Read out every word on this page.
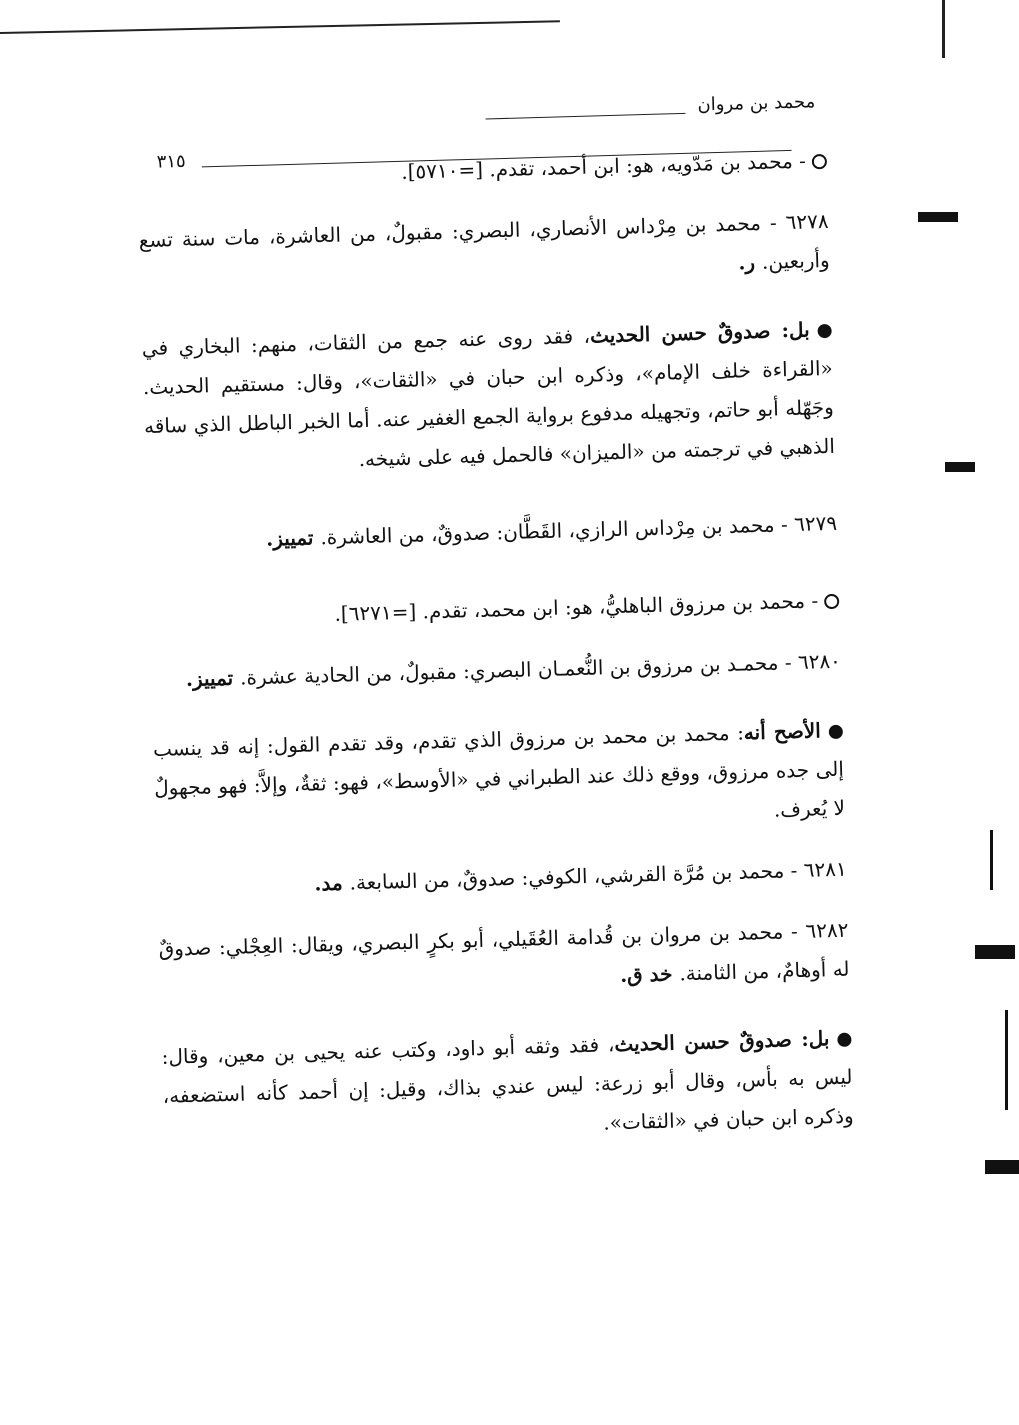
محمد بن مروان
٣١٥	- محمد بن مَدّويه، هو: ابن أحمد، تقدم. [=٥٧١٠].

٦٢٧٨ - محمد بن مِرْداس الأنصاري، البصري: مقبولٌ، من العاشرة، مات سنة تسع وأربعين. ر.

بل: صدوقٌ حسن الحديث، فقد روى عنه جمع من الثقات، منهم: البخاري في «القراءة خلف الإمام»، وذكره ابن حبان في «الثقات»، وقال: مستقيم الحديث. وجَهّله أبو حاتم، وتجهيله مدفوع برواية الجمع الغفير عنه. أما الخبر الباطل الذي ساقه الذهبي في ترجمته من «الميزان» فالحمل فيه على شيخه.

٦٢٧٩ - محمد بن مِرْداس الرازي، القَطَّان: صدوقٌ، من العاشرة. تمييز.

- محمد بن مرزوق الباهليُّ، هو: ابن محمد، تقدم. [=٦٢٧١].

٦٢٨٠ - محمـد بن مرزوق بن النُّعمـان البصري: مقبولٌ، من الحادية عشرة. تمييز.

الأصح أنه: محمد بن محمد بن مرزوق الذي تقدم، وقد تقدم القول: إنه قد ينسب إلى جده مرزوق، ووقع ذلك عند الطبراني في «الأوسط»، فهو: ثقةٌ، وإلاَّ: فهو مجهولٌ لا يُعرف.

٦٢٨١ - محمد بن مُرَّة القرشي، الكوفي: صدوقٌ، من السابعة. مد.

٦٢٨٢ - محمد بن مروان بن قُدامة العُقَيلي، أبو بكرٍ البصري، ويقال: العِجْلي: صدوقٌ له أوهامٌ، من الثامنة. خد ق.

بل: صدوقٌ حسن الحديث، فقد وثقه أبو داود، وكتب عنه يحيى بن معين، وقال: ليس به بأس، وقال أبو زرعة: ليس عندي بذاك، وقيل: إن أحمد كأنه استضعفه، وذكره ابن حبان في «الثقات».
